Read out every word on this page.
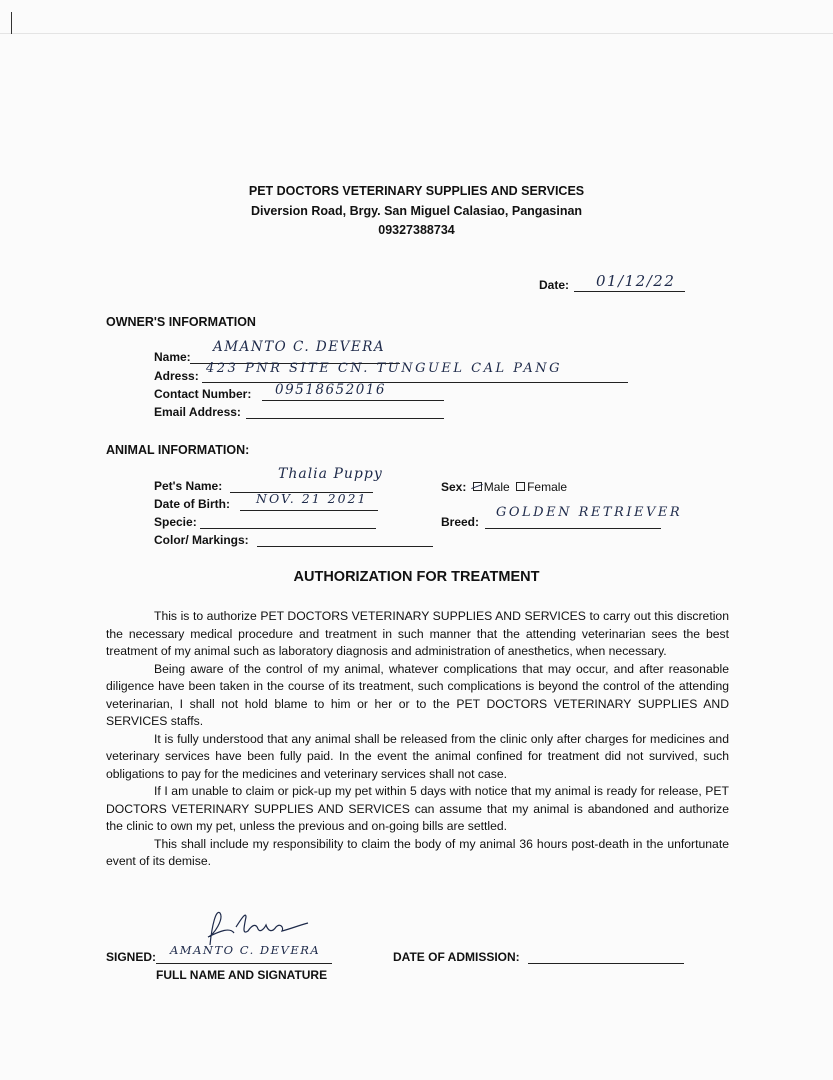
PET DOCTORS VETERINARY SUPPLIES AND SERVICES
Diversion Road, Brgy. San Miguel Calasiao, Pangasinan
09327388734
Date: 01/12/22
OWNER'S INFORMATION
Name:
AMANTO C. DEVERA
Adress: 423 PNR SITE CN. TUNGUEL CAL PANG
Contact Number: 09518652016
Email Address:
ANIMAL INFORMATION:
Pet's Name:
Thalia Puppy
Date of Birth: NOV. 21 2021
Specie:
Color/ Markings:
Sex: Male Female
Breed:
GOLDEN RETRIEVER
AUTHORIZATION FOR TREATMENT

This is to authorize PET DOCTORS VETERINARY SUPPLIES AND SERVICES to carry out this discretion the necessary medical procedure and treatment in such manner that the attending veterinarian sees the best treatment of my animal such as laboratory diagnosis and administration of anesthetics, when necessary.

Being aware of the control of my animal, whatever complications that may occur, and after reasonable diligence have been taken in the course of its treatment, such complications is beyond the control of the attending veterinarian, I shall not hold blame to him or her or to the PET DOCTORS VETERINARY SUPPLIES AND SERVICES staffs.

It is fully understood that any animal shall be released from the clinic only after charges for medicines and veterinary services have been fully paid. In the event the animal confined for treatment did not survived, such obligations to pay for the medicines and veterinary services shall not case.

If I am unable to claim or pick-up my pet within 5 days with notice that my animal is ready for release, PET DOCTORS VETERINARY SUPPLIES AND SERVICES can assume that my animal is abandoned and authorize the clinic to own my pet, unless the previous and on-going bills are settled.

This shall include my responsibility to claim the body of my animal 36 hours post-death in the unfortunate event of its demise.

SIGNED: AMANTO C. DEVERA
FULL NAME AND SIGNATURE
DATE OF ADMISSION:
